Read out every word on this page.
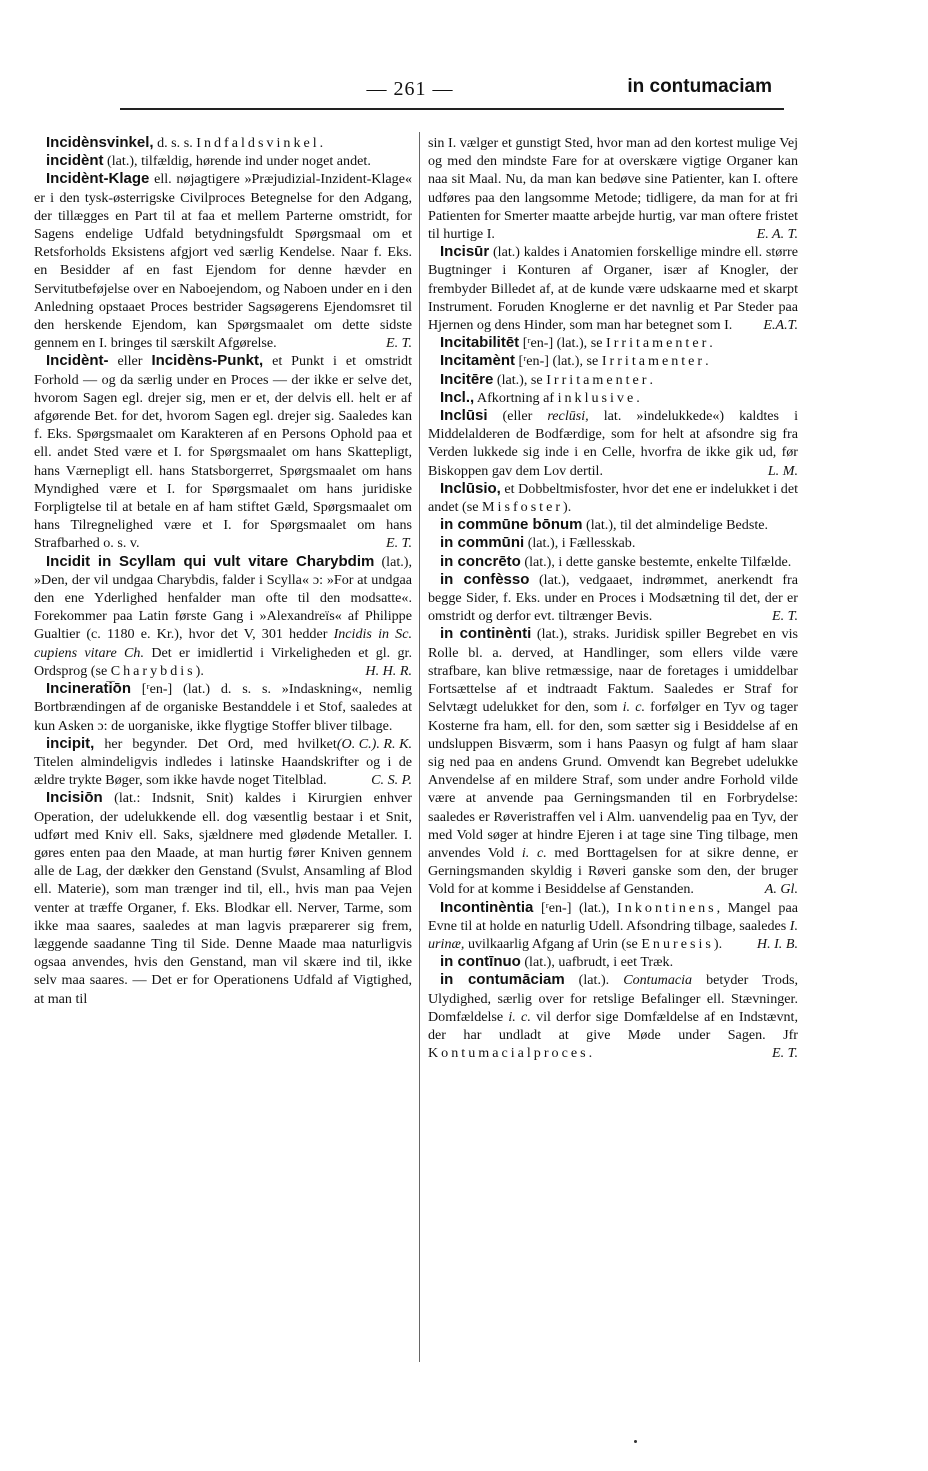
— 261 —	in contumaciam

Incidènsvinkel, d. s. s. Indfaldsvinkel.

incidènt (lat.), tilfældig, hørende ind under noget andet.

Incidènt-Klage ell. nøjagtigere »Præjudizial-Inzident-Klage« er i den tysk-østerrigske Civilproces Betegnelse for den Adgang, der tillægges en Part til at faa et mellem Parterne omstridt, for Sagens endelige Udfald betydningsfuldt Spørgsmaal om et Retsforholds Eksistens afgjort ved særlig Kendelse. Naar f. Eks. en Besidder af en fast Ejendom for denne hævder en Servitutbeføjelse over en Naboejendom, og Naboen under en i den Anledning opstaaet Proces bestrider Sagsøgerens Ejendomsret til den herskende Ejendom, kan Spørgsmaalet om dette sidste gennem en I. bringes til særskilt Afgørelse.	E. T.

Incidènt- eller Incidèns-Punkt, et Punkt i et omstridt Forhold — og da særlig under en Proces — der ikke er selve det, hvorom Sagen egl. drejer sig, men er et, der delvis ell. helt er af afgørende Bet. for det, hvorom Sagen egl. drejer sig. Saaledes kan f. Eks. Spørgsmaalet om Karakteren af en Persons Ophold paa et ell. andet Sted være et I. for Spørgsmaalet om hans Skattepligt, hans Værnepligt ell. hans Statsborgerret, Spørgsmaalet om hans Myndighed være et I. for Spørgsmaalet om hans juridiske Forpligtelse til at betale en af ham stiftet Gæld, Spørgsmaalet om hans Tilregnelighed være et I. for Spørgsmaalet om hans Strafbarhed o. s. v.	E. T.

Incidit in Scyllam qui vult vitare Charybdim (lat.), »Den, der vil undgaa Charybdis, falder i Scylla« ɔ: »For at undgaa den ene Yderlighed henfalder man ofte til den modsatte«. Forekommer paa Latin første Gang i »Alexandreïs« af Philippe Gualtier (c. 1180 e. Kr.), hvor det V, 301 hedder Incidis in Sc. cupiens vitare Ch. Det er imidlertid i Virkeligheden et gl. gr. Ordsprog (se Charybdis).	H. H. R.

Incinerati̅ōn [ʳen-] (lat.) d. s. s. »Indaskning«, nemlig Bortbrændingen af de organiske Bestanddele i et Stof, saaledes at kun Asken ɔ: de uorganiske, ikke flygtige Stoffer bliver tilbage.
(O. C.). R. K.

incipit, her begynder. Det Ord, med hvilket Titelen almindeligvis indledes i latinske Haandskrifter og i de ældre trykte Bøger, som ikke havde noget Titelblad.	C. S. P.

Incisiōn (lat.: Indsnit, Snit) kaldes i Kirurgien enhver Operation, der udelukkende ell. dog væsentlig bestaar i et Snit, udført med Kniv ell. Saks, sjældnere med glødende Metaller. I. gøres enten paa den Maade, at man hurtig fører Kniven gennem alle de Lag, der dækker den Genstand (Svulst, Ansamling af Blod ell. Materie), som man trænger ind til, ell., hvis man paa Vejen venter at træffe Organer, f. Eks. Blodkar ell. Nerver, Tarme, som ikke maa saares, saaledes at man lagvis præparerer sig frem, læggende saadanne Ting til Side. Denne Maade maa naturligvis ogsaa anvendes, hvis den Genstand, man vil skære ind til, ikke selv maa saares. — Det er for Operationens Udfald af Vigtighed, at man til

sin I. vælger et gunstigt Sted, hvor man ad den kortest mulige Vej og med den mindste Fare for at overskære vigtige Organer kan naa sit Maal. Nu, da man kan bedøve sine Patienter, kan I. oftere udføres paa den langsomme Metode; tidligere, da man for at fri Patienten for Smerter maatte arbejde hurtig, var man oftere fristet til hurtige I.	E. A. T.

Incisūr (lat.) kaldes i Anatomien forskellige mindre ell. større Bugtninger i Konturen af Organer, især af Knogler, der frembyder Billedet af, at de kunde være udskaarne med et skarpt Instrument. Foruden Knoglerne er det navnlig et Par Steder paa Hjernen og dens Hinder, som man har betegnet som I. E.A.T.

Incitabilitēt [ʳen-] (lat.), se Irritamenter.

Incitamènt [ʳen-] (lat.), se Irritamenter.

Incitēre (lat.), se Irritamenter.

Incl., Afkortning af inklusive.

Inclūsi (eller reclūsi, lat. »indelukkede«) kaldtes i Middelalderen de Bodfærdige, som for helt at afsondre sig fra Verden lukkede sig inde i en Celle, hvorfra de ikke gik ud, før Biskoppen gav dem Lov dertil.	L. M.

Inclūsio, et Dobbeltmisfoster, hvor det ene er indelukket i det andet (se Misfoster).

in commūne bōnum (lat.), til det almindelige Bedste.

in commūni (lat.), i Fællesskab.

in concrēto (lat.), i dette ganske bestemte, enkelte Tilfælde.

in confèsso (lat.), vedgaaet, indrømmet, anerkendt fra begge Sider, f. Eks. under en Proces i Modsætning til det, der er omstridt og derfor evt. tiltrænger Bevis.	E. T.

in continènti (lat.), straks. Juridisk spiller Begrebet en vis Rolle bl. a. derved, at Handlinger, som ellers vilde være strafbare, kan blive retmæssige, naar de foretages i umiddelbar Fortsættelse af et indtraadt Faktum. Saaledes er Straf for Selvtægt udelukket for den, som i. c. forfølger en Tyv og tager Kosterne fra ham, ell. for den, som sætter sig i Besiddelse af en undsluppen Bisværm, som i hans Paasyn og fulgt af ham slaar sig ned paa en andens Grund. Omvendt kan Begrebet udelukke Anvendelse af en mildere Straf, som under andre Forhold vilde være at anvende paa Gerningsmanden til en Forbrydelse: saaledes er Røveristraffen vel i Alm. uanvendelig paa en Tyv, der med Vold søger at hindre Ejeren i at tage sine Ting tilbage, men anvendes Vold i. c. med Borttagelsen for at sikre denne, er Gerningsmanden skyldig i Røveri ganske som den, der bruger Vold for at komme i Besiddelse af Genstanden.	A. Gl.

Incontinèntia [ʳen-] (lat.), Inkontinens, Mangel paa Evne til at holde en naturlig Udell. Afsondring tilbage, saaledes I. urinæ, uvilkaarlig Afgang af Urin (se Enuresis). H. I. B.

in contīnuo (lat.), uafbrudt, i eet Træk.

in contumāciam (lat.). Contumacia betyder Trods, Ulydighed, særlig over for retslige Befalinger ell. Stævninger. Domfældelse i. c. vil derfor sige Domfældelse af en Indstævnt, der har undladt at give Møde under Sagen. Jfr Kontumacialproces.	E. T.
